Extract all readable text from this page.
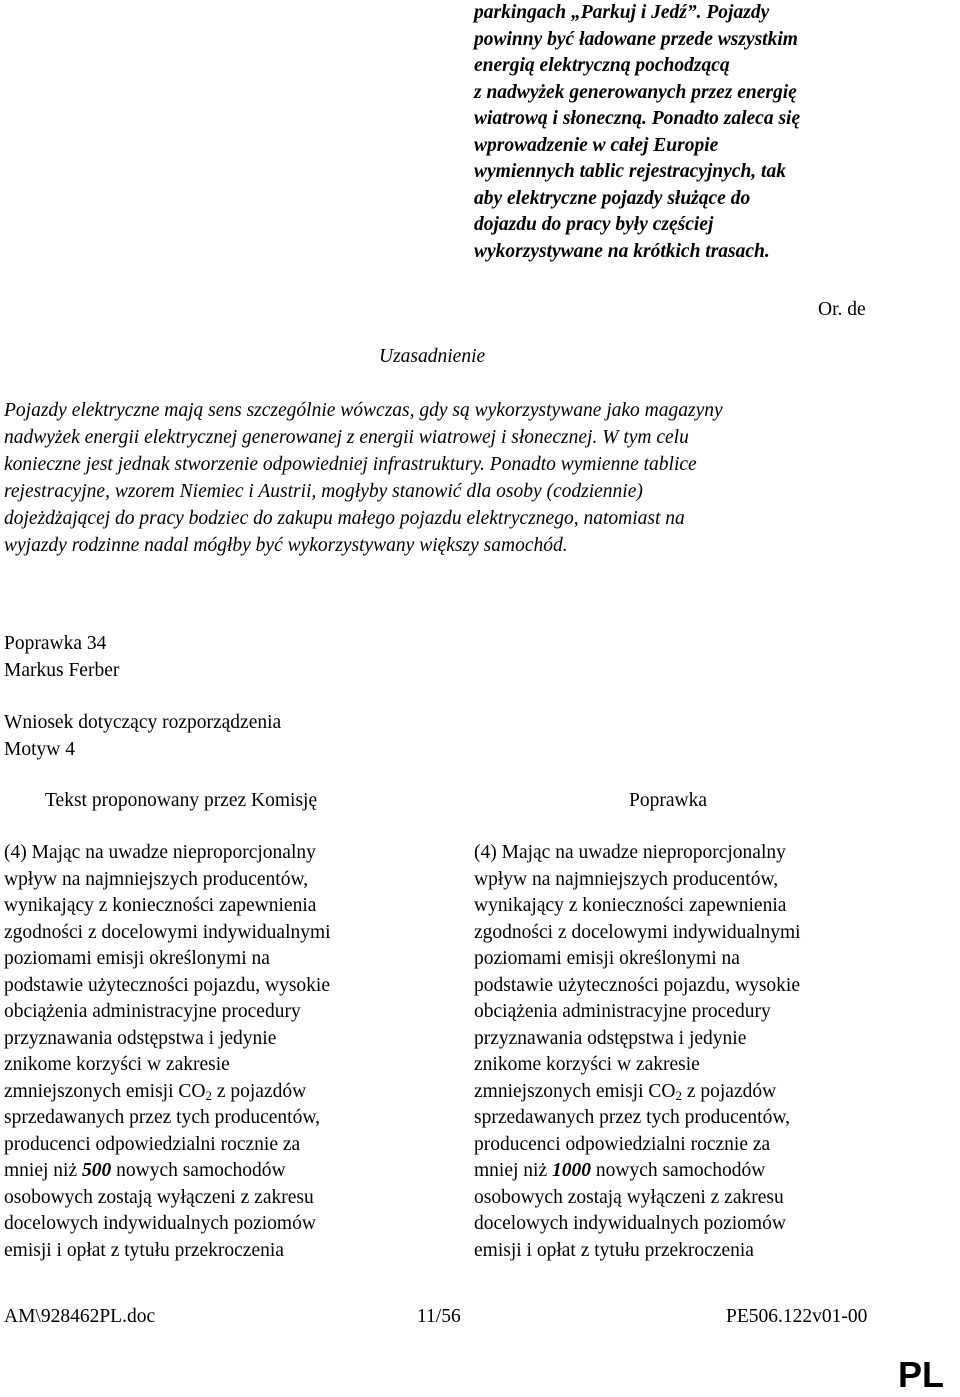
parkingach „Parkuj i Jedź”. Pojazdy

powinny być ładowane przede wszystkim

energią elektryczną pochodzącą

z nadwyżek generowanych przez energię

wiatrową i słoneczną. Ponadto zaleca się

wprowadzenie w całej Europie

wymiennych tablic rejestracyjnych, tak

aby elektryczne pojazdy służące do

dojazdu do pracy były częściej

wykorzystywane na krótkich trasach.

Or. de
Uzasadnienie

Pojazdy elektryczne mają sens szczególnie wówczas, gdy są wykorzystywane jako magazyny

nadwyżek energii elektrycznej generowanej z energii wiatrowej i słonecznej. W tym celu

konieczne jest jednak stworzenie odpowiedniej infrastruktury. Ponadto wymienne tablice

rejestracyjne, wzorem Niemiec i Austrii, mogłyby stanowić dla osoby (codziennie)

dojeżdżającej do pracy bodziec do zakupu małego pojazdu elektrycznego, natomiast na

wyjazdy rodzinne nadal mógłby być wykorzystywany większy samochód.

Poprawka 34
Markus Ferber
Wniosek dotyczący rozporządzenia
Motyw 4
Tekst proponowany przez Komisję	Poprawka

(4) Mając na uwadze nieproporcjonalny

wpływ na najmniejszych producentów,

wynikający z konieczności zapewnienia

zgodności z docelowymi indywidualnymi

poziomami emisji określonymi na

podstawie użyteczności pojazdu, wysokie

obciążenia administracyjne procedury

przyznawania odstępstwa i jedynie

znikome korzyści w zakresie

zmniejszonych emisji $CO_2$ z pojazdów

sprzedawanych przez tych producentów,

producenci odpowiedzialni rocznie za

mniej niż 500 nowych samochodów

osobowych zostają wyłączeni z zakresu

docelowych indywidualnych poziomów

emisji i opłat z tytułu przekroczenia

(4) Mając na uwadze nieproporcjonalny

wpływ na najmniejszych producentów,

wynikający z konieczności zapewnienia

zgodności z docelowymi indywidualnymi

poziomami emisji określonymi na

podstawie użyteczności pojazdu, wysokie

obciążenia administracyjne procedury

przyznawania odstępstwa i jedynie

znikome korzyści w zakresie

zmniejszonych emisji $CO_2$ z pojazdów

sprzedawanych przez tych producentów,

producenci odpowiedzialni rocznie za

mniej niż 1000 nowych samochodów

osobowych zostają wyłączeni z zakresu

docelowych indywidualnych poziomów

emisji i opłat z tytułu przekroczenia

AM\928462PL.doc	11/56	PE506.122v01-00
PL
